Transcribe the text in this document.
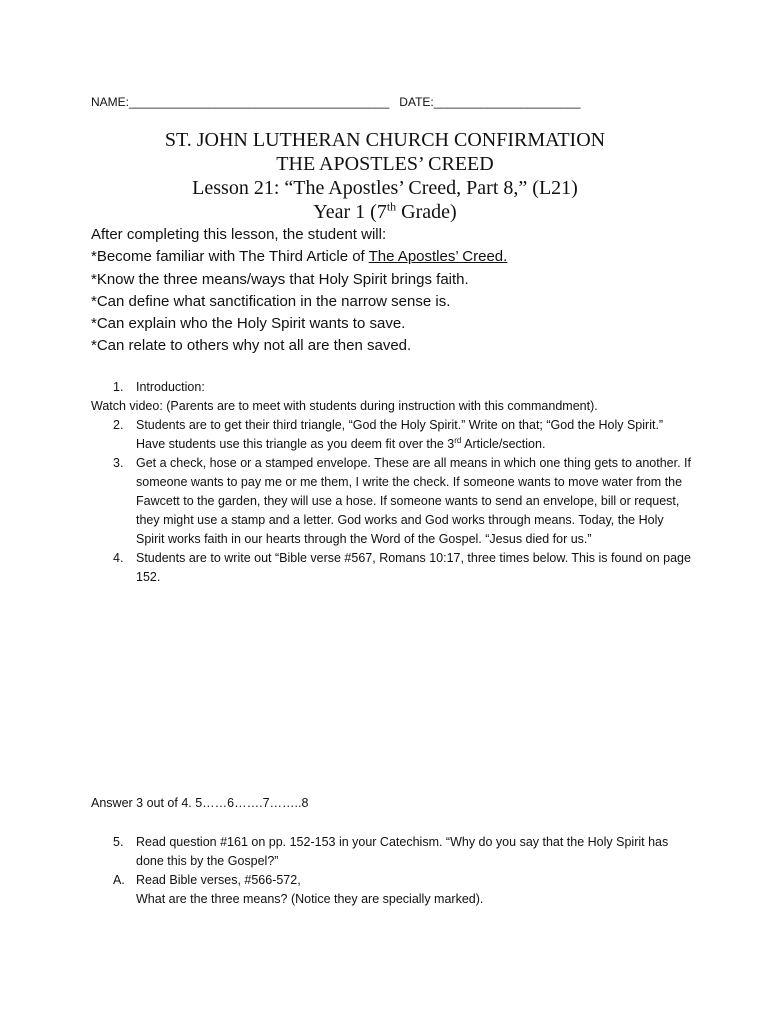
NAME:_______________________________________ DATE:______________________
ST. JOHN LUTHERAN CHURCH CONFIRMATION
THE APOSTLES’ CREED
Lesson 21: “The Apostles’ Creed, Part 8,” (L21)
Year 1 (7th Grade)
After completing this lesson, the student will:
*Become familiar with The Third Article of The Apostles’ Creed.
*Know the three means/ways that Holy Spirit brings faith.
*Can define what sanctification in the narrow sense is.
*Can explain who the Holy Spirit wants to save.
*Can relate to others why not all are then saved.
1. Introduction:

Watch video: (Parents are to meet with students during instruction with this commandment).

2. Students are to get their third triangle, “God the Holy Spirit.” Write on that; “God the Holy Spirit.” Have students use this triangle as you deem fit over the 3rd Article/section.
3. Get a check, hose or a stamped envelope. These are all means in which one thing gets to another. If someone wants to pay me or me them, I write the check. If someone wants to move water from the Fawcett to the garden, they will use a hose. If someone wants to send an envelope, bill or request, they might use a stamp and a letter. God works and God works through means. Today, the Holy Spirit works faith in our hearts through the Word of the Gospel. “Jesus died for us.”
4. Students are to write out “Bible verse #567, Romans 10:17, three times below. This is found on page 152.
Answer 3 out of 4. 5……6…….7……..8
5. Read question #161 on pp. 152-153 in your Catechism. “Why do you say that the Holy Spirit has done this by the Gospel?”
A. Read Bible verses, #566-572,
What are the three means? (Notice they are specially marked).
